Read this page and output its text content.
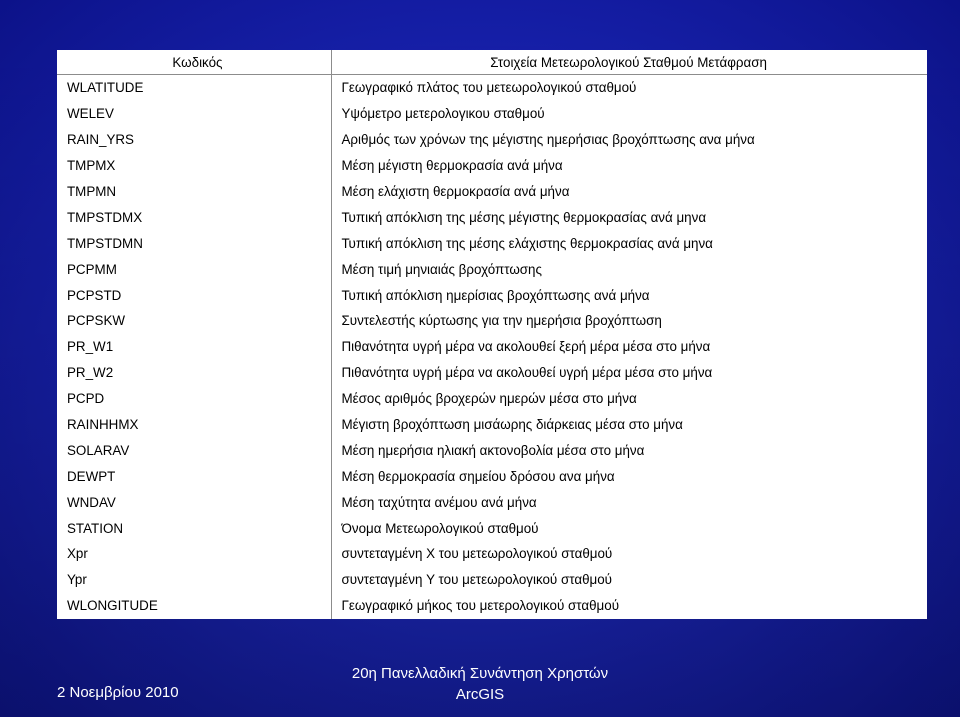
Κωδικός	Στοιχεία Μετεωρολογικού Σταθμού Μετάφραση
WLATITUDE	Γεωγραφικό πλάτος του μετεωρολογικού σταθμού
WELEV	Υψόμετρο μετερολογικου σταθμού
RAIN_YRS	Αριθμός των χρόνων της μέγιστης ημερήσιας βροχόπτωσης ανα μήνα
TMPMX	Μέση μέγιστη θερμοκρασία ανά μήνα
TMPMN	Μέση ελάχιστη θερμοκρασία ανά μήνα
TMPSTDMX	Τυπική απόκλιση της μέσης μέγιστης θερμοκρασίας ανά μηνα
TMPSTDMN	Τυπική απόκλιση της μέσης ελάχιστης θερμοκρασίας ανά μηνα
PCPMM	Μέση τιμή μηνιαιάς βροχόπτωσης
PCPSTD	Τυπική απόκλιση ημερίσιας βροχόπτωσης ανά μήνα
PCPSKW	Συντελεστής κύρτωσης για την ημερήσια βροχόπτωση
PR_W1	Πιθανότητα υγρή μέρα να ακολουθεί ξερή μέρα μέσα στο μήνα
PR_W2	Πιθανότητα υγρή μέρα να ακολουθεί υγρή μέρα μέσα στο μήνα
PCPD	Μέσος αριθμός βροχερών ημερών μέσα στο μήνα
RAINHHMX	Μέγιστη βροχόπτωση μισάωρης διάρκειας μέσα στο μήνα
SOLARAV	Μέση ημερήσια ηλιακή ακτονοβολία μέσα στο μήνα
DEWPT	Μέση θερμοκρασία σημείου δρόσου ανα μήνα
WNDAV	Μέση ταχύτητα ανέμου ανά μήνα
STATION	Όνομα Μετεωρολογικού σταθμού
Xpr	συντεταγμένη X του μετεωρολογικού σταθμού
Ypr	συντεταγμένη Y του μετεωρολογικού σταθμού
WLONGITUDE	Γεωγραφικό μήκος του μετερολογικού σταθμού
2 Νοεμβρίου 2010
20η Πανελλαδική Συνάντηση Χρηστών
ArcGIS
